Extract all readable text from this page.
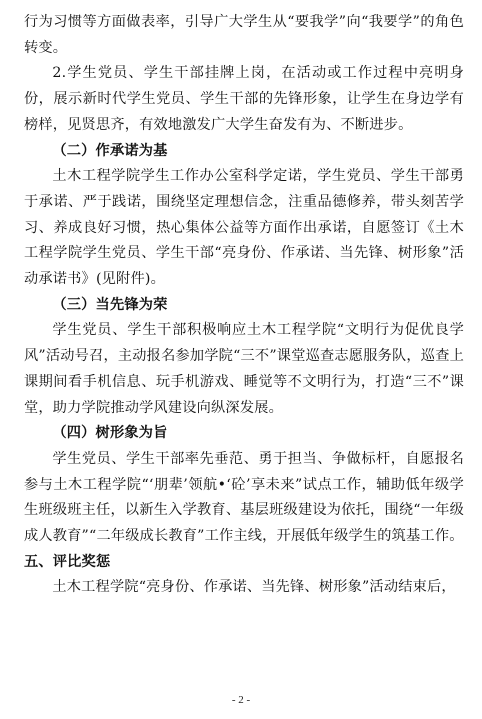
行为习惯等方面做表率，引导广大学生从“要我学”向“我要学”的角色转变。

2.学生党员、学生干部挂牌上岗，在活动或工作过程中亮明身份，展示新时代学生党员、学生干部的先锋形象，让学生在身边学有榜样，见贤思齐，有效地激发广大学生奋发有为、不断进步。

（二）作承诺为基

土木工程学院学生工作办公室科学定诺，学生党员、学生干部勇于承诺、严于践诺，围绕坚定理想信念，注重品德修养，带头刻苦学习、养成良好习惯，热心集体公益等方面作出承诺，自愿签订《土木工程学院学生党员、学生干部“亮身份、作承诺、当先锋、树形象”活动承诺书》(见附件)。

（三）当先锋为荣

学生党员、学生干部积极响应土木工程学院“文明行为促优良学风”活动号召，主动报名参加学院“三不”课堂巡查志愿服务队，巡查上课期间看手机信息、玩手机游戏、睡觉等不文明行为，打造“三不”课堂，助力学院推动学风建设向纵深发展。

（四）树形象为旨

学生党员、学生干部率先垂范、勇于担当、争做标杆，自愿报名参与土木工程学院“‘朋辈’领航•‘砼’享未来”试点工作，辅助低年级学生班级班主任，以新生入学教育、基层班级建设为依托，围绕“一年级成人教育”“二年级成长教育”工作主线，开展低年级学生的筑基工作。

五、评比奖惩

土木工程学院“亮身份、作承诺、当先锋、树形象”活动结束后，

- 2 -
